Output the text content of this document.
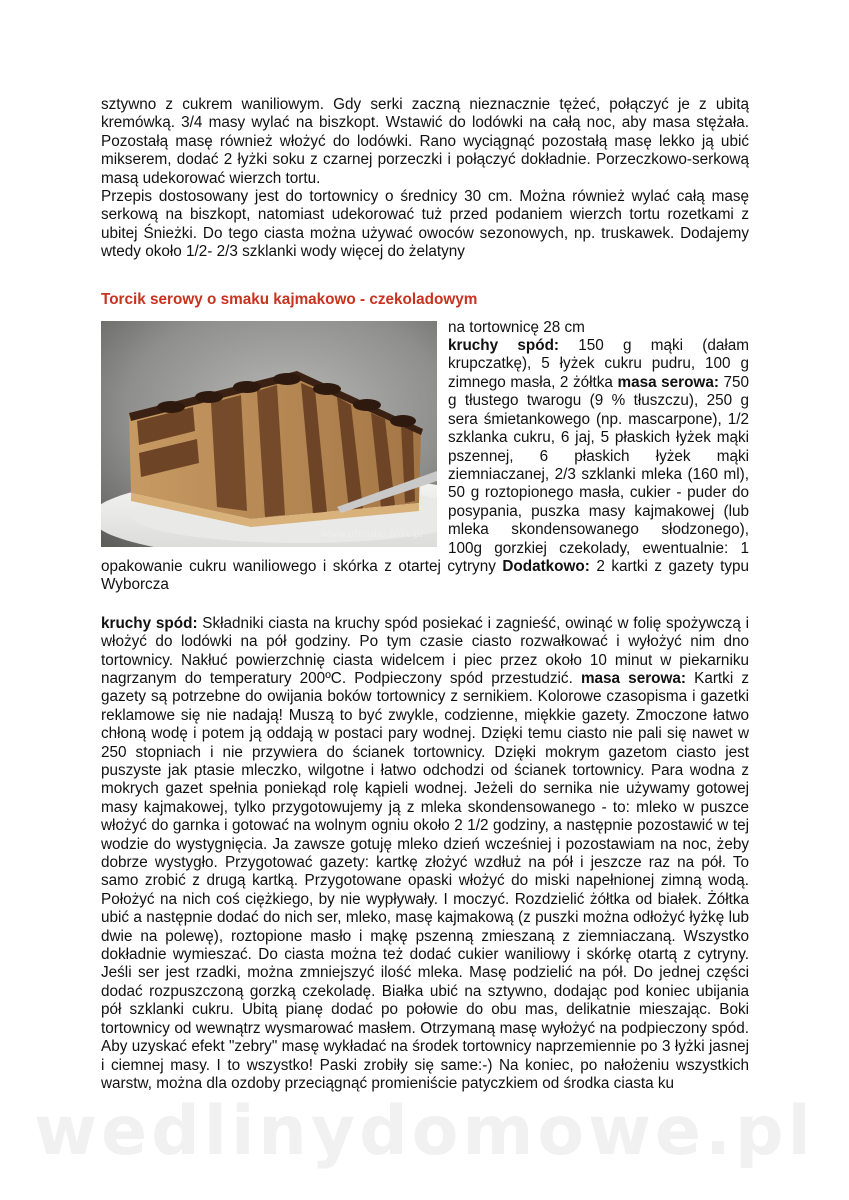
sztywno z cukrem waniliowym. Gdy serki zaczną nieznacznie tężeć, połączyć je z ubitą kremówką. 3/4 masy wylać na biszkopt. Wstawić do lodówki na całą noc, aby masa stężała. Pozostałą masę również włożyć do lodówki. Rano wyciągnąć pozostałą masę lekko ją ubić mikserem, dodać 2 łyżki soku z czarnej porzeczki i połączyć dokładnie. Porzeczkowo-serkową masą udekorować wierzch tortu.

Przepis dostosowany jest do tortownicy o średnicy 30 cm. Można również wylać całą masę serkową na biszkopt, natomiast udekorować tuż przed podaniem wierzch tortu rozetkami z ubitej Śnieżki. Do tego ciasta można używać owoców sezonowych, np. truskawek. Dodajemy wtedy około 1/2- 2/3 szklanki wody więcej do żelatyny

Torcik serowy o smaku kajmakowo - czekoladowym
www.atinabc.blox.pl

na tortownicę 28 cm
kruchy spód: 150 g mąki (dałam krupczatkę), 5 łyżek cukru pudru, 100 g zimnego masła, 2 żółtka masa serowa: 750 g tłustego twarogu (9 % tłuszczu), 250 g sera śmietankowego (np. mascarpone), 1/2 szklanka cukru, 6 jaj, 5 płaskich łyżek mąki pszennej, 6 płaskich łyżek mąki ziemniaczanej, 2/3 szklanki mleka (160 ml), 50 g roztopionego masła, cukier - puder do posypania, puszka masy kajmakowej (lub mleka skondensowanego słodzonego), 100g gorzkiej czekolady, ewentualnie: 1 opakowanie cukru waniliowego i skórka z otartej cytryny Dodatkowo: 2 kartki z gazety typu Wyborcza

kruchy spód: Składniki ciasta na kruchy spód posiekać i zagnieść, owinąć w folię spożywczą i włożyć do lodówki na pół godziny. Po tym czasie ciasto rozwałkować i wyłożyć nim dno tortownicy. Nakłuć powierzchnię ciasta widelcem i piec przez około 10 minut w piekarniku nagrzanym do temperatury 200ºC. Podpieczony spód przestudzić. masa serowa: Kartki z gazety są potrzebne do owijania boków tortownicy z sernikiem. Kolorowe czasopisma i gazetki reklamowe się nie nadają! Muszą to być zwykle, codzienne, miękkie gazety. Zmoczone łatwo chłoną wodę i potem ją oddają w postaci pary wodnej. Dzięki temu ciasto nie pali się nawet w 250 stopniach i nie przywiera do ścianek tortownicy. Dzięki mokrym gazetom ciasto jest puszyste jak ptasie mleczko, wilgotne i łatwo odchodzi od ścianek tortownicy. Para wodna z mokrych gazet spełnia poniekąd rolę kąpieli wodnej. Jeżeli do sernika nie używamy gotowej masy kajmakowej, tylko przygotowujemy ją z mleka skondensowanego - to: mleko w puszce włożyć do garnka i gotować na wolnym ogniu około 2 1/2 godziny, a następnie pozostawić w tej wodzie do wystygnięcia. Ja zawsze gotuję mleko dzień wcześniej i pozostawiam na noc, żeby dobrze wystygło. Przygotować gazety: kartkę złożyć wzdłuż na pół i jeszcze raz na pół. To samo zrobić z drugą kartką. Przygotowane opaski włożyć do miski napełnionej zimną wodą. Położyć na nich coś ciężkiego, by nie wypływały. I moczyć. Rozdzielić żółtka od białek. Żółtka ubić a następnie dodać do nich ser, mleko, masę kajmakową (z puszki można odłożyć łyżkę lub dwie na polewę), roztopione masło i mąkę pszenną zmieszaną z ziemniaczaną. Wszystko dokładnie wymieszać. Do ciasta można też dodać cukier waniliowy i skórkę otartą z cytryny. Jeśli ser jest rzadki, można zmniejszyć ilość mleka. Masę podzielić na pół. Do jednej części dodać rozpuszczoną gorzką czekoladę. Białka ubić na sztywno, dodając pod koniec ubijania pół szklanki cukru. Ubitą pianę dodać po połowie do obu mas, delikatnie mieszając. Boki tortownicy od wewnątrz wysmarować masłem. Otrzymaną masę wyłożyć na podpieczony spód. Aby uzyskać efekt "zebry" masę wykładać na środek tortownicy naprzemiennie po 3 łyżki jasnej i ciemnej masy. I to wszystko! Paski zrobiły się same:-) Na koniec, po nałożeniu wszystkich warstw, można dla ozdoby przeciągnąć promieniście patyczkiem od środka ciasta ku

wedlinydomowe.pl
